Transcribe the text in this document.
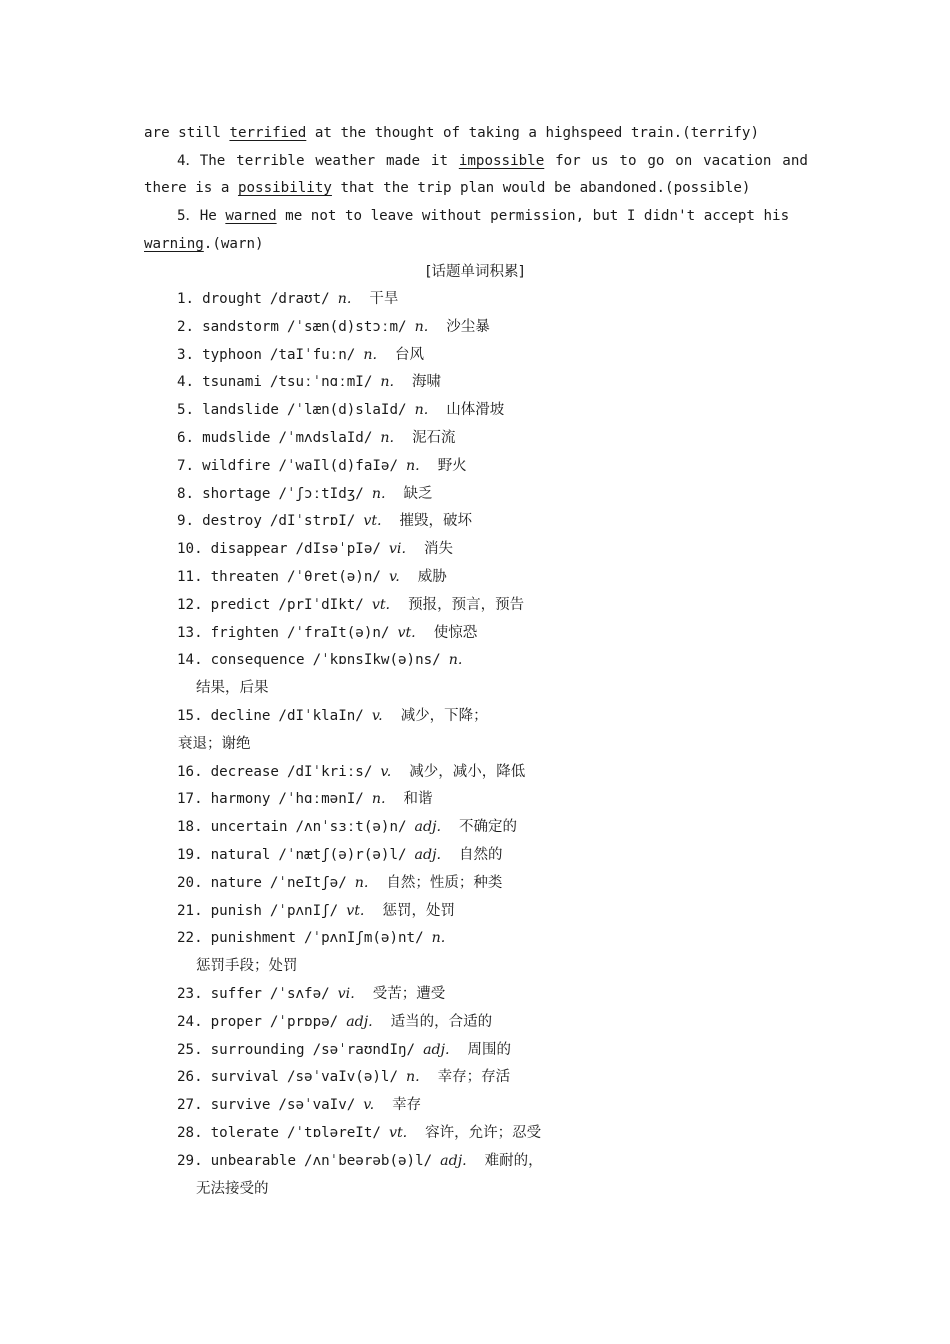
are still terrified at the thought of taking a highspeed train.(terrify)
4．The terrible weather made it impossible for us to go on vacation and
there is a possibility that the trip plan would be abandoned.(possible)
5．He warned me not to leave without permission, but I didn't accept his
warning.(warn)
[话题单词积累]
1. drought /draʊt/ n. 干旱
2. sandstorm /ˈsæn(d)stɔːm/ n. 沙尘暴
3. typhoon /taIˈfuːn/ n. 台风
4. tsunami /tsuːˈnɑːmI/ n. 海啸
5. landslide /ˈlæn(d)slaId/ n. 山体滑坡
6. mudslide /ˈmʌdslaId/ n. 泥石流
7. wildfire /ˈwaIl(d)faIə/ n. 野火
8. shortage /ˈʃɔːtIdʒ/ n. 缺乏
9. destroy /dIˈstrɒI/ vt. 摧毁，破坏
10. disappear /dIsəˈpIə/ vi. 消失
11. threaten /ˈθret(ə)n/ v. 威胁
12. predict /prIˈdIkt/ vt. 预报，预言，预告
13. frighten /ˈfraIt(ə)n/ vt. 使惊恐
14. consequence /ˈkɒnsIkw(ə)ns/ n.
结果，后果
15. decline /dIˈklaIn/ v. 减少，下降；
衰退；谢绝
16. decrease /dIˈkriːs/ v. 减少，减小，降低
17. harmony /ˈhɑːmənI/ n. 和谐
18. uncertain /ʌnˈsɜːt(ə)n/ adj. 不确定的
19. natural /ˈnætʃ(ə)r(ə)l/ adj. 自然的
20. nature /ˈneItʃə/ n. 自然；性质；种类
21. punish /ˈpʌnIʃ/ vt. 惩罚，处罚
22. punishment /ˈpʌnIʃm(ə)nt/ n.
惩罚手段；处罚
23. suffer /ˈsʌfə/ vi. 受苦；遭受
24. proper /ˈprɒpə/ adj. 适当的，合适的
25. surrounding /səˈraʊndIŋ/ adj. 周围的
26. survival /səˈvaIv(ə)l/ n. 幸存；存活
27. survive /səˈvaIv/ v. 幸存
28. tolerate /ˈtɒləreIt/ vt. 容许，允许；忍受
29. unbearable /ʌnˈbeərəb(ə)l/ adj. 难耐的，
无法接受的
